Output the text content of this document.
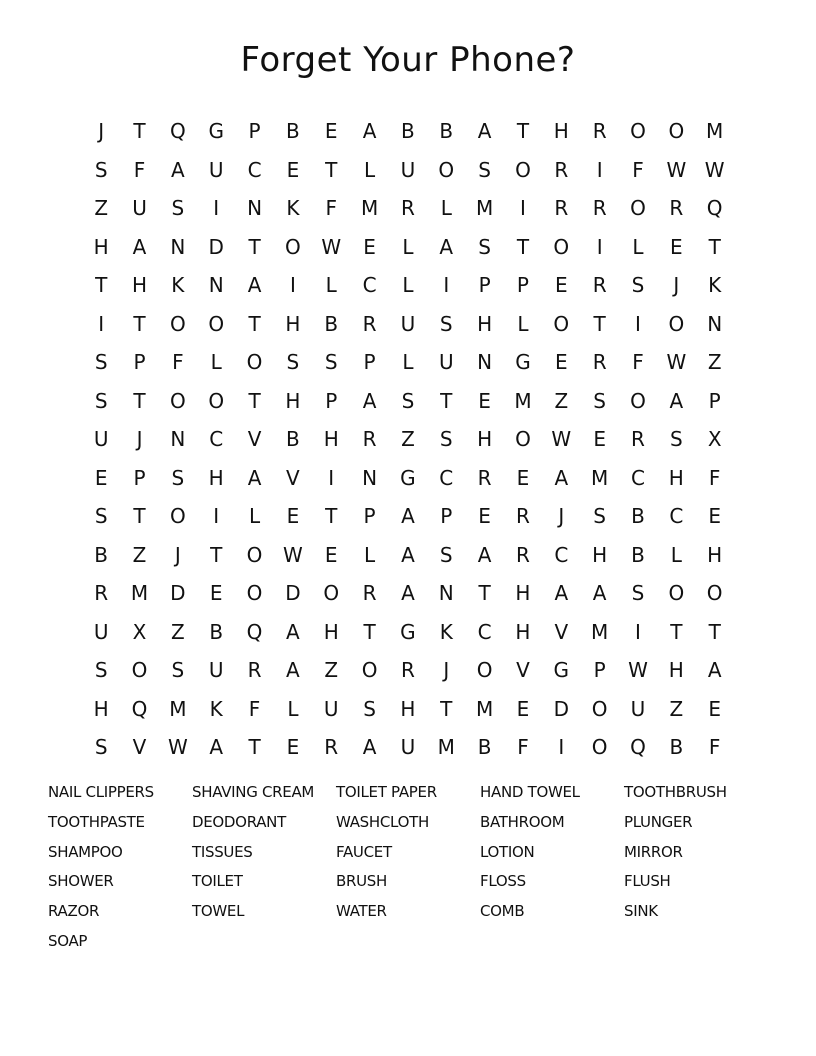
Forget Your Phone?
J	T	Q	G	P	B	E	A	B	B	A	T	H	R	O	O	M
S	F	A	U	C	E	T	L	U	O	S	O	R	I	F	W W
Z	U	S	I	N	K	F	M	R	L	M	I	R	R	O	R	Q
H	A	N	D	T	O	W	E	L	A	S	T	O	I	L	E	T
T	H	K	N	A	I	L	C	L	I	P	P	E	R	S	J	K
I	T	O	O	T	H	B	R	U	S	H	L	O	T	I	O	N
S	P	F	L	O	S	S	P	L	U	N	G	E	R	F	W	Z
S	T	O	O	T	H	P	A	S	T	E	M	Z	S	O	A	P
U	J	N	C	V	B	H	R	Z	S	H	O	W	E	R	S	X
E	P	S	H	A	V	I	N	G	C	R	E	A	M	C	H	F
S	T	O	I	L	E	T	P	A	P	E	R	J	S	B	C	E
B	Z	J	T	O	W	E	L	A	S	A	R	C	H	B	L	H
R	M	D	E	O	D	O	R	A	N	T	H	A	A	S	O	O
U	X	Z	B	Q	A	H	T	G	K	C	H	V	M	I	T	T
S	O	S	U	R	A	Z	O	R	J	O	V	G	P	W	H	A
H	Q	M	K	F	L	U	S	H	T	M	E	D	O	U	Z	E
S	V	W	A	T	E	R	A	U	M	B	F	I	O	Q	B	F
NAIL CLIPPERS	SHAVING CREAM	TOILET PAPER	HAND TOWEL	TOOTHBRUSH
TOOTHPASTE	DEODORANT	WASHCLOTH	BATHROOM	PLUNGER
SHAMPOO	TISSUES	FAUCET	LOTION	MIRROR
SHOWER	TOILET	BRUSH	FLOSS	FLUSH
RAZOR	TOWEL	WATER	COMB	SINK
SOAP
